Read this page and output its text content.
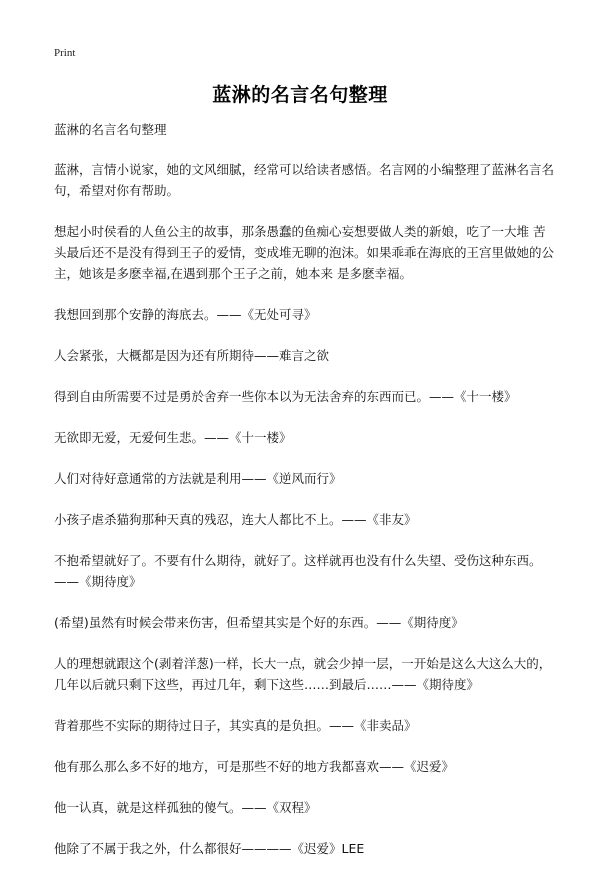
Print
蓝淋的名言名句整理

蓝淋的名言名句整理

蓝淋，言情小说家，她的文风细腻，经常可以给读者感悟。名言网的小编整理了蓝淋名言名句，希望对你有帮助。

想起小时侯看的人鱼公主的故事，那条愚蠢的鱼痴心妄想要做人类的新娘，吃了一大堆 苦头最后还不是没有得到王子的爱情，变成堆无聊的泡沫。如果乖乖在海底的王宫里做她的公主，她该是多麽幸福,在遇到那个王子之前，她本来 是多麽幸福。

我想回到那个安静的海底去。——《无处可寻》

人会紧张，大概都是因为还有所期待——难言之欲

得到自由所需要不过是勇於舍弃一些你本以为无法舍弃的东西而已。——《十一楼》

无欲即无爱，无爱何生悲。——《十一楼》

人们对待好意通常的方法就是利用——《逆风而行》

小孩子虐杀猫狗那种天真的残忍，连大人都比不上。——《非友》

不抱希望就好了。不要有什么期待，就好了。这样就再也没有什么失望、受伤这种东西。——《期待度》

(希望)虽然有时候会带来伤害，但希望其实是个好的东西。——《期待度》

人的理想就跟这个(剥着洋葱)一样，长大一点，就会少掉一层，一开始是这么大这么大的，几年以后就只剩下这些，再过几年，剩下这些……到最后……——《期待度》

背着那些不实际的期待过日子，其实真的是负担。——《非卖品》

他有那么那么多不好的地方，可是那些不好的地方我都喜欢——《迟爱》

他一认真，就是这样孤独的傻气。——《双程》

他除了不属于我之外，什么都很好————《迟爱》LEE
